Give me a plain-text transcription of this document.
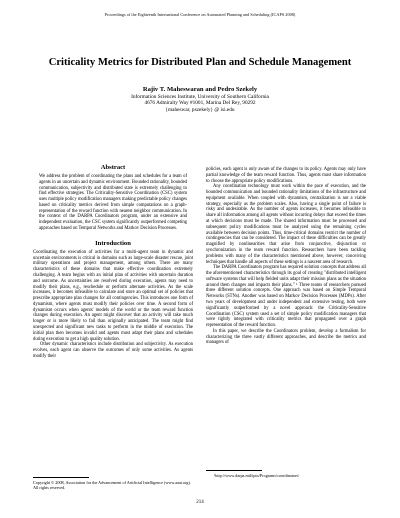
Proceedings of the Eighteenth International Conference on Automated Planning and Scheduling (ICAPS 2008)
Criticality Metrics for Distributed Plan and Schedule Management
Rajiv T. Maheswaran and Pedro Szekely
Information Sciences Institute, University of Southern California
4676 Admiralty Way #1001, Marina Del Rey, 90292
{maheswar, pszekely} @ isi.edu
Abstract

We address the problem of coordinating the plans and schedules for a team of agents in an uncertain and dynamic environment. Bounded rationality, bounded communication, subjectivity and distributed state is extremely challenging to find effective strategies. The Criticality-Sensitive Coordination (CSC) system uses multiple policy modification managers making predictable policy changes based on criticality metrics derived from simple computations on a graph-representation of the reward function with nearest neighbor communication. In the context of the DARPA Coordinators program, under an extensive and independent evaluation, the CSC system significantly outperformed competing approaches based on Temporal Networks and Markov Decision Processes.

Introduction

Coordinating the execution of activities for a multi-agent team in dynamic and uncertain environments is critical in domains such as large-scale disaster rescue, joint military operations and project management, among others. There are many characteristics of these domains that make effective coordination extremely challenging. A team begins with an initial plan of activities with uncertain duration and outcome. As uncertainties are resolved during execution, agents may need to modify their plans, e.g., reschedule or perform alternate activities. As the scale increases, it becomes infeasible to calculate and store an optimal set of policies that prescribe appropriate plan changes for all contingencies. This introduces one form of dynamism, where agents must modify their policies over time. A second form of dynamism occurs when agents' models of the world or the team reward function changes during execution. An agent might discover that an activity will take much longer or is more likely to fail than originally anticipated. The team might find unexpected and significant new tasks to perform in the middle of execution. The initial plan then becomes invalid and agents must adapt their plans and schedules during execution to get a high quality solution.

Other dynamic characteristics include distribution and subjectivity. As execution evolves, each agent can observe the outcomes of only some activities. As agents modify their

policies, each agent is only aware of the changes to its policy. Agents may only have partial knowledge of the team reward function. Thus, agents must share information to choose the appropriate policy modifications.

Any coordination technology must work within the pace of execution, and the bounded communication and bounded rationality limitations of the infrastructure and equipment available. When coupled with dynamism, centralization is not a viable strategy, especially as the problem scales. Also, having a single point of failure is risky and undesirable. As the number of agents increases, it becomes infeasible to share all information among all agents without incurring delays that exceed the times at which decisions must be made. The shared information must be processed and subsequent policy modifications must be analyzed using the remaining cycles available between decision points. Thus, time-critical domains restrict the number of contingencies that can be considered. The impact of these difficulties can be greatly magnified by nonlinearities that arise from conjunctive, disjunction or synchronization in the team reward function. Researchers have been tackling problems with many of the characteristics mentioned above, however, conceiving techniques that handle all aspects of these settings is a nascent area of research.

The DARPA Coordinators program has required solution concepts that address all the aforementioned characteristics through its goal of creating "distributed intelligent software systems that will help fielded units adapt their mission plans as the situation around them changes and impacts their plans." ¹ Three teams of researchers pursued three different solution concepts. One approach was based on Simple Temporal Networks (STNs). Another was based on Markov Decision Processes (MDPs). After two years of development and under independent and extensive testing, both were significantly outperformed by a novel approach: the Criticality-Sensitive Coordination (CSC) system used a set of simple policy modification managers that were tightly integrated with criticality metrics that propagated over a graph representation of the reward function.

In this paper, we describe the Coordinators problem, develop a formalism for characterizing the three vastly different approaches, and describe the metrics and managers of

Copyright © 2008, Association for the Advancement of Artificial Intelligence (www.aaai.org). All rights reserved.
¹http://www.darpa.mil/ipto/Programs/coordinators/
214
